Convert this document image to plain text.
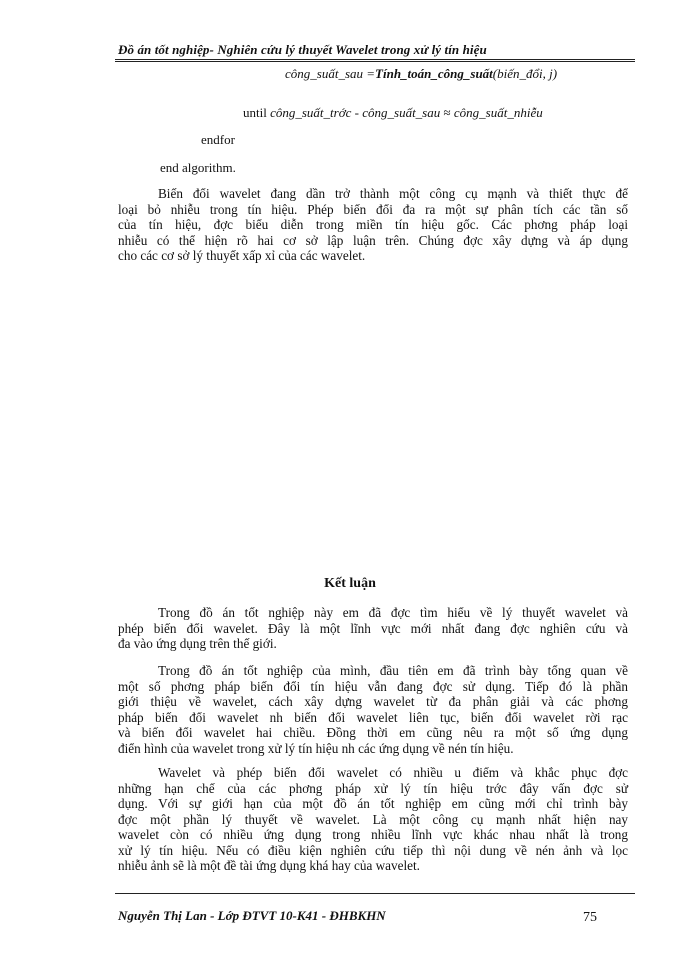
Đồ án tốt nghiệp- Nghiên cứu lý thuyết Wavelet trong xử lý tín hiệu
công_suất_sau =Tính_toán_công_suất(biến_đổi, j)
until công_suất_trớc - công_suất_sau ≈ công_suất_nhiễu
endfor
end algorithm.
Biến đổi wavelet đang dần trở thành một công cụ mạnh và thiết thực để
loại bỏ nhiễu trong tín hiệu. Phép biến đổi đa ra một sự phân tích các tần số
của tín hiệu, đợc biểu diễn trong miền tín hiệu gốc. Các phơng pháp loại
nhiễu có thể hiện rõ hai cơ sở lập luận trên. Chúng đợc xây dựng và áp dụng
cho các cơ sở lý thuyết xấp xỉ của các wavelet.
Kết luận
Trong đồ án tốt nghiệp này em đã đợc tìm hiểu về lý thuyết wavelet và
phép biến đổi wavelet. Đây là một lĩnh vực mới nhất đang đợc nghiên cứu và
đa vào ứng dụng trên thế giới.
Trong đồ án tốt nghiệp của mình, đầu tiên em đã trình bày tổng quan về
một số phơng pháp biến đổi tín hiệu vẫn đang đợc sử dụng. Tiếp đó là phần
giới thiệu về wavelet, cách xây dựng wavelet từ đa phân giải và các phơng
pháp biến đổi wavelet nh biến đổi wavelet liên tục, biến đổi wavelet rời rạc
và biến đổi wavelet hai chiều. Đồng thời em cũng nêu ra một số ứng dụng
điển hình của wavelet trong xử lý tín hiệu nh các ứng dụng về nén tín hiệu.
Wavelet và phép biến đổi wavelet có nhiều u điểm và khắc phục đợc
những hạn chế của các phơng pháp xử lý tín hiệu trớc đây vấn đợc sử
dụng. Với sự giới hạn của một đồ án tốt nghiệp em cũng mới chỉ trình bày
đợc một phần lý thuyết về wavelet. Là một công cụ mạnh nhất hiện nay
wavelet còn có nhiều ứng dụng trong nhiều lĩnh vực khác nhau nhất là trong
xử lý tín hiệu. Nếu có điều kiện nghiên cứu tiếp thì nội dung về nén ảnh và lọc
nhiễu ảnh sẽ là một đề tài ứng dụng khá hay của wavelet.
Nguyễn Thị Lan - Lớp ĐTVT 10-K41 - ĐHBKHN	75
